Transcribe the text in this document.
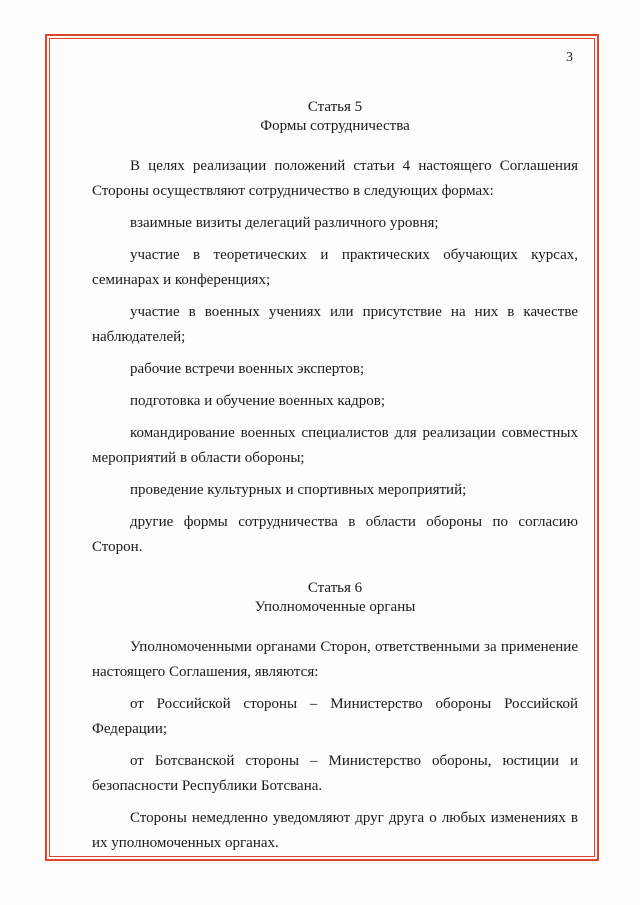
3

Статья 5

Формы сотрудничества

В целях реализации положений статьи 4 настоящего Соглашения Стороны осуществляют сотрудничество в следующих формах:

взаимные визиты делегаций различного уровня;

участие в теоретических и практических обучающих курсах, семинарах и конференциях;

участие в военных учениях или присутствие на них в качестве наблюдателей;

рабочие встречи военных экспертов;

подготовка и обучение военных кадров;

командирование военных специалистов для реализации совместных мероприятий в области обороны;

проведение культурных и спортивных мероприятий;

другие формы сотрудничества в области обороны по согласию Сторон.

Статья 6

Уполномоченные органы

Уполномоченными органами Сторон, ответственными за применение настоящего Соглашения, являются:

от Российской стороны – Министерство обороны Российской Федерации;

от Ботсванской стороны – Министерство обороны, юстиции и безопасности Республики Ботсвана.

Стороны немедленно уведомляют друг друга о любых изменениях в их уполномоченных органах.
